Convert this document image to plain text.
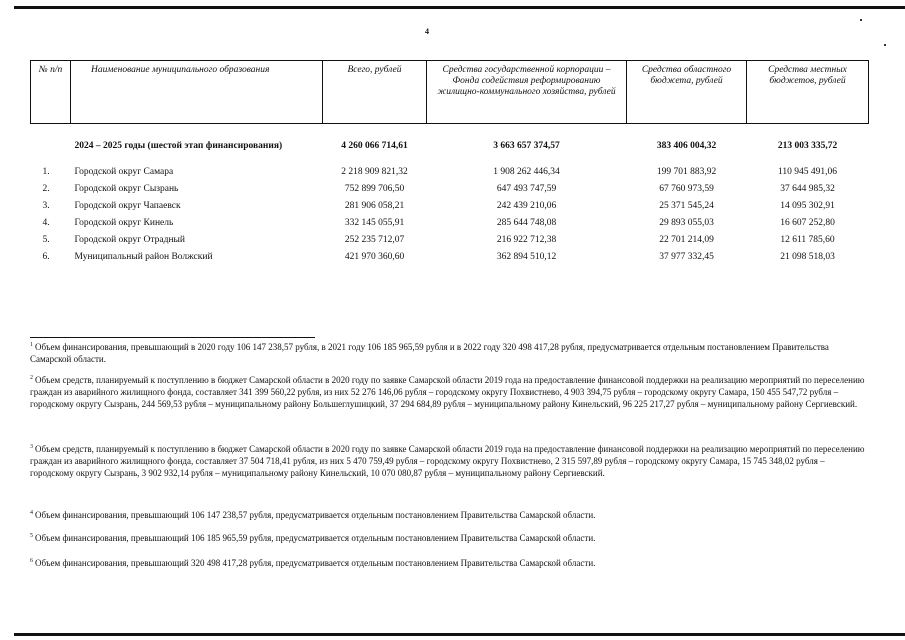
4
№ п/п	Наименование муниципального образования	Всего, рублей	Средства государственной корпорации – Фонда содействия реформированию жилищно-коммунального хозяйства, рублей	Средства областного бюджета, рублей	Средства местных бюджетов, рублей
	2024 – 2025 годы (шестой этап финансирования)	4 260 066 714,61	3 663 657 374,57	383 406 004,32	213 003 335,72

1.	Городской округ Самара	2 218 909 821,32	1 908 262 446,34	199 701 883,92	110 945 491,06
2.	Городской округ Сызрань	752 899 706,50	647 493 747,59	67 760 973,59	37 644 985,32
3.	Городской округ Чапаевск	281 906 058,21	242 439 210,06	25 371 545,24	14 095 302,91
4.	Городской округ Кинель	332 145 055,91	285 644 748,08	29 893 055,03	16 607 252,80
5.	Городской округ Отрадный	252 235 712,07	216 922 712,38	22 701 214,09	12 611 785,60
6.	Муниципальный район Волжский	421 970 360,60	362 894 510,12	37 977 332,45	21 098 518,03

$^1$ Объем финансирования, превышающий в 2020 году 106 147 238,57 рубля, в 2021 году 106 185 965,59 рубля и в 2022 году 320 498 417,28 рубля, предусматривается отдельным постановлением Правительства Самарской области.

$^2$ Объем средств, планируемый к поступлению в бюджет Самарской области в 2020 году по заявке Самарской области 2019 года на предоставление финансовой поддержки на реализацию мероприятий по переселению граждан из аварийного жилищного фонда, составляет 341 399 560,22 рубля, из них 52 276 146,06 рубля – городскому округу Похвистнево, 4 903 394,75 рубля – городскому округу Самара, 150 455 547,72 рубля – городскому округу Сызрань, 244 569,53 рубля – муниципальному району Большеглушицкий, 37 294 684,89 рубля – муниципальному району Кинельский, 96 225 217,27 рубля – муниципальному району Сергиевский.

$^3$ Объем средств, планируемый к поступлению в бюджет Самарской области в 2020 году по заявке Самарской области 2019 года на предоставление финансовой поддержки на реализацию мероприятий по переселению граждан из аварийного жилищного фонда, составляет 37 504 718,41 рубля, из них 5 470 759,49 рубля – городскому округу Похвистнево, 2 315 597,89 рубля – городскому округу Самара, 15 745 348,02 рубля – городскому округу Сызрань, 3 902 932,14 рубля – муниципальному району Кинельский, 10 070 080,87 рубля – муниципальному району Сергиевский.

$^4$ Объем финансирования, превышающий 106 147 238,57 рубля, предусматривается отдельным постановлением Правительства Самарской области.

$^5$ Объем финансирования, превышающий 106 185 965,59 рубля, предусматривается отдельным постановлением Правительства Самарской области.

$^6$ Объем финансирования, превышающий 320 498 417,28 рубля, предусматривается отдельным постановлением Правительства Самарской области.
